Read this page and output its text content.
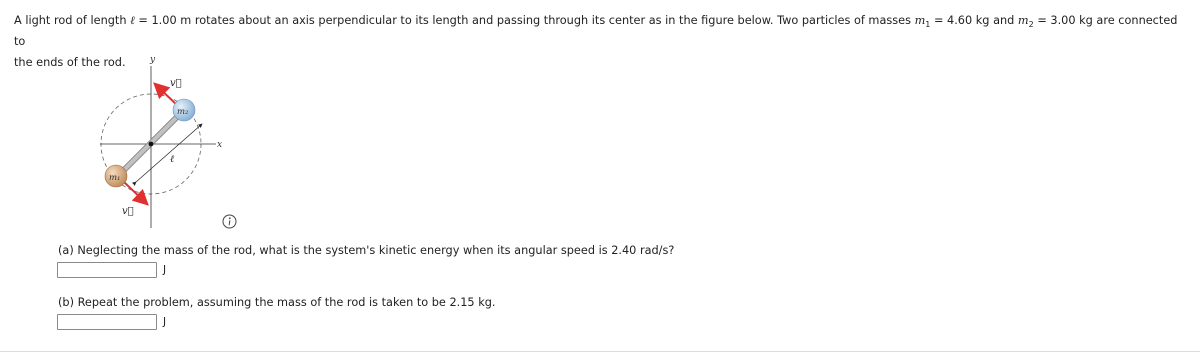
A light rod of length ℓ = 1.00 m rotates about an axis perpendicular to its length and passing through its center as in the figure below. Two particles of masses $m_1 = 4.60$ kg and $m_2 = 3.00$ kg are connected to
the ends of the rod.	y
x
ℓ
v⃗
v⃗
m₁
m₂
(a) Neglecting the mass of the rod, what is the system's kinetic energy when its angular speed is 2.40 rad/s?
J
(b) Repeat the problem, assuming the mass of the rod is taken to be 2.15 kg.
J
